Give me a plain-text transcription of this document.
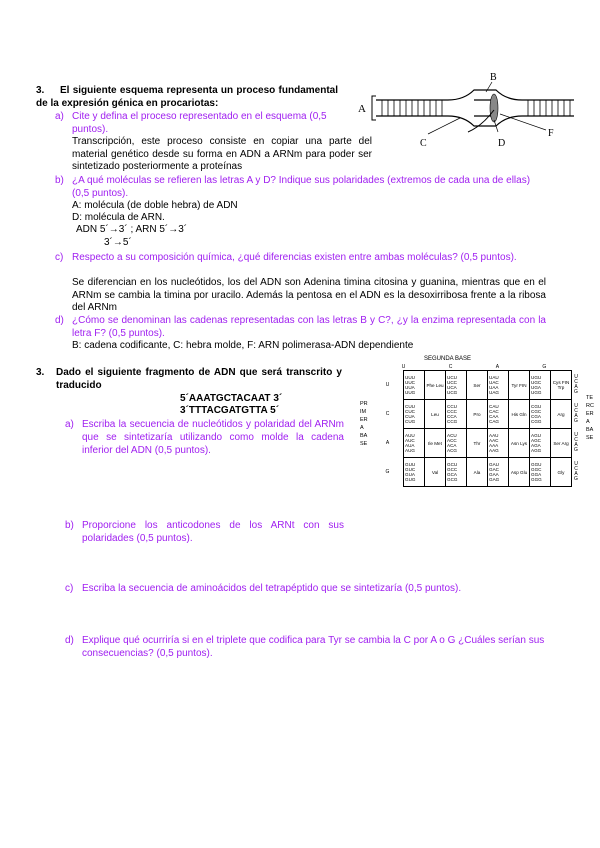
3.	El siguiente esquema representa un proceso fundamental de la expresión génica en procariotas:
a) Cite y defina el proceso representado en el esquema (0,5 puntos).
Transcripción, este proceso consiste en copiar una parte del material genético desde su forma en ADN a ARNm para poder ser sintetizado posteriormente a proteínas
A
B
C	D
F
b) ¿A qué moléculas se refieren las letras A y D? Indique sus polaridades (extremos de cada una de ellas) (0,5 puntos).
A: molécula (de doble hebra) de ADN
D: molécula de ARN.
ADN 5´→3´ ; ARN 5´→3´
3´→5´
c) Respecto a su composición química, ¿qué diferencias existen entre ambas moléculas? (0,5 puntos).
Se diferencian en los nucleótidos, los del ADN son Adenina timina citosina y guanina, mientras que en el ARNm se cambia la timina por uracilo. Además la pentosa en el ADN es la desoxirribosa frente a la ribosa del ARNm
d) ¿Cómo se denominan las cadenas representadas con las letras B y C?, ¿y la enzima representada con la letra F? (0,5 puntos).
B: cadena codificante, C: hebra molde, F: ARN polimerasa-ADN dependiente
3. Dado el siguiente fragmento de ADN que será transcrito y traducido
5´AAATGCTACAAT 3´
3´TTTACGATGTTA 5´
a) Escriba la secuencia de nucleótidos y polaridad del ARNm que se sintetizaría utilizando como molde la cadena inferior del ADN (0,5 puntos).
b) Proporcione los anticodones de los ARNt con sus polaridades (0,5 puntos).
c) Escriba la secuencia de aminoácidos del tetrapéptido que se sintetizaría (0,5 puntos).
d) Explique qué ocurriría si en el triplete que codifica para Tyr se cambia la C por A o G ¿Cuáles serían sus consecuencias? (0,5 puntos).
SEGUNDA BASE
U	C	A	G
PRIMERA BASE
TERCERA BASE
U	UUU UUC UUA UUG	Phe Leu	UCU UCC UCA UCG	Ser	UAU UAC UAA UAG	Tyr FIN	UGU UGC UGA UGG	Cys FIN Trp	U C A G
C	CUU CUC CUA CUG	Leu	CCU CCC CCA CCG	Pro	CAU CAC CAA CAG	His Gln	CGU CGC CGA CGG	Arg	U C A G
A	AUU AUC AUA AUG	Ile Met	ACU ACC ACA ACG	Thr	AAU AAC AAA AAG	Asn Lys	AGU AGC AGA AGG	Ser Arg	U C A G
G	GUU GUC GUA GUG	Val	GCU GCC GCA GCG	Ala	GAU GAC GAA GAG	Asp Glu	GGU GGC GGA GGG	Gly	U C A G
